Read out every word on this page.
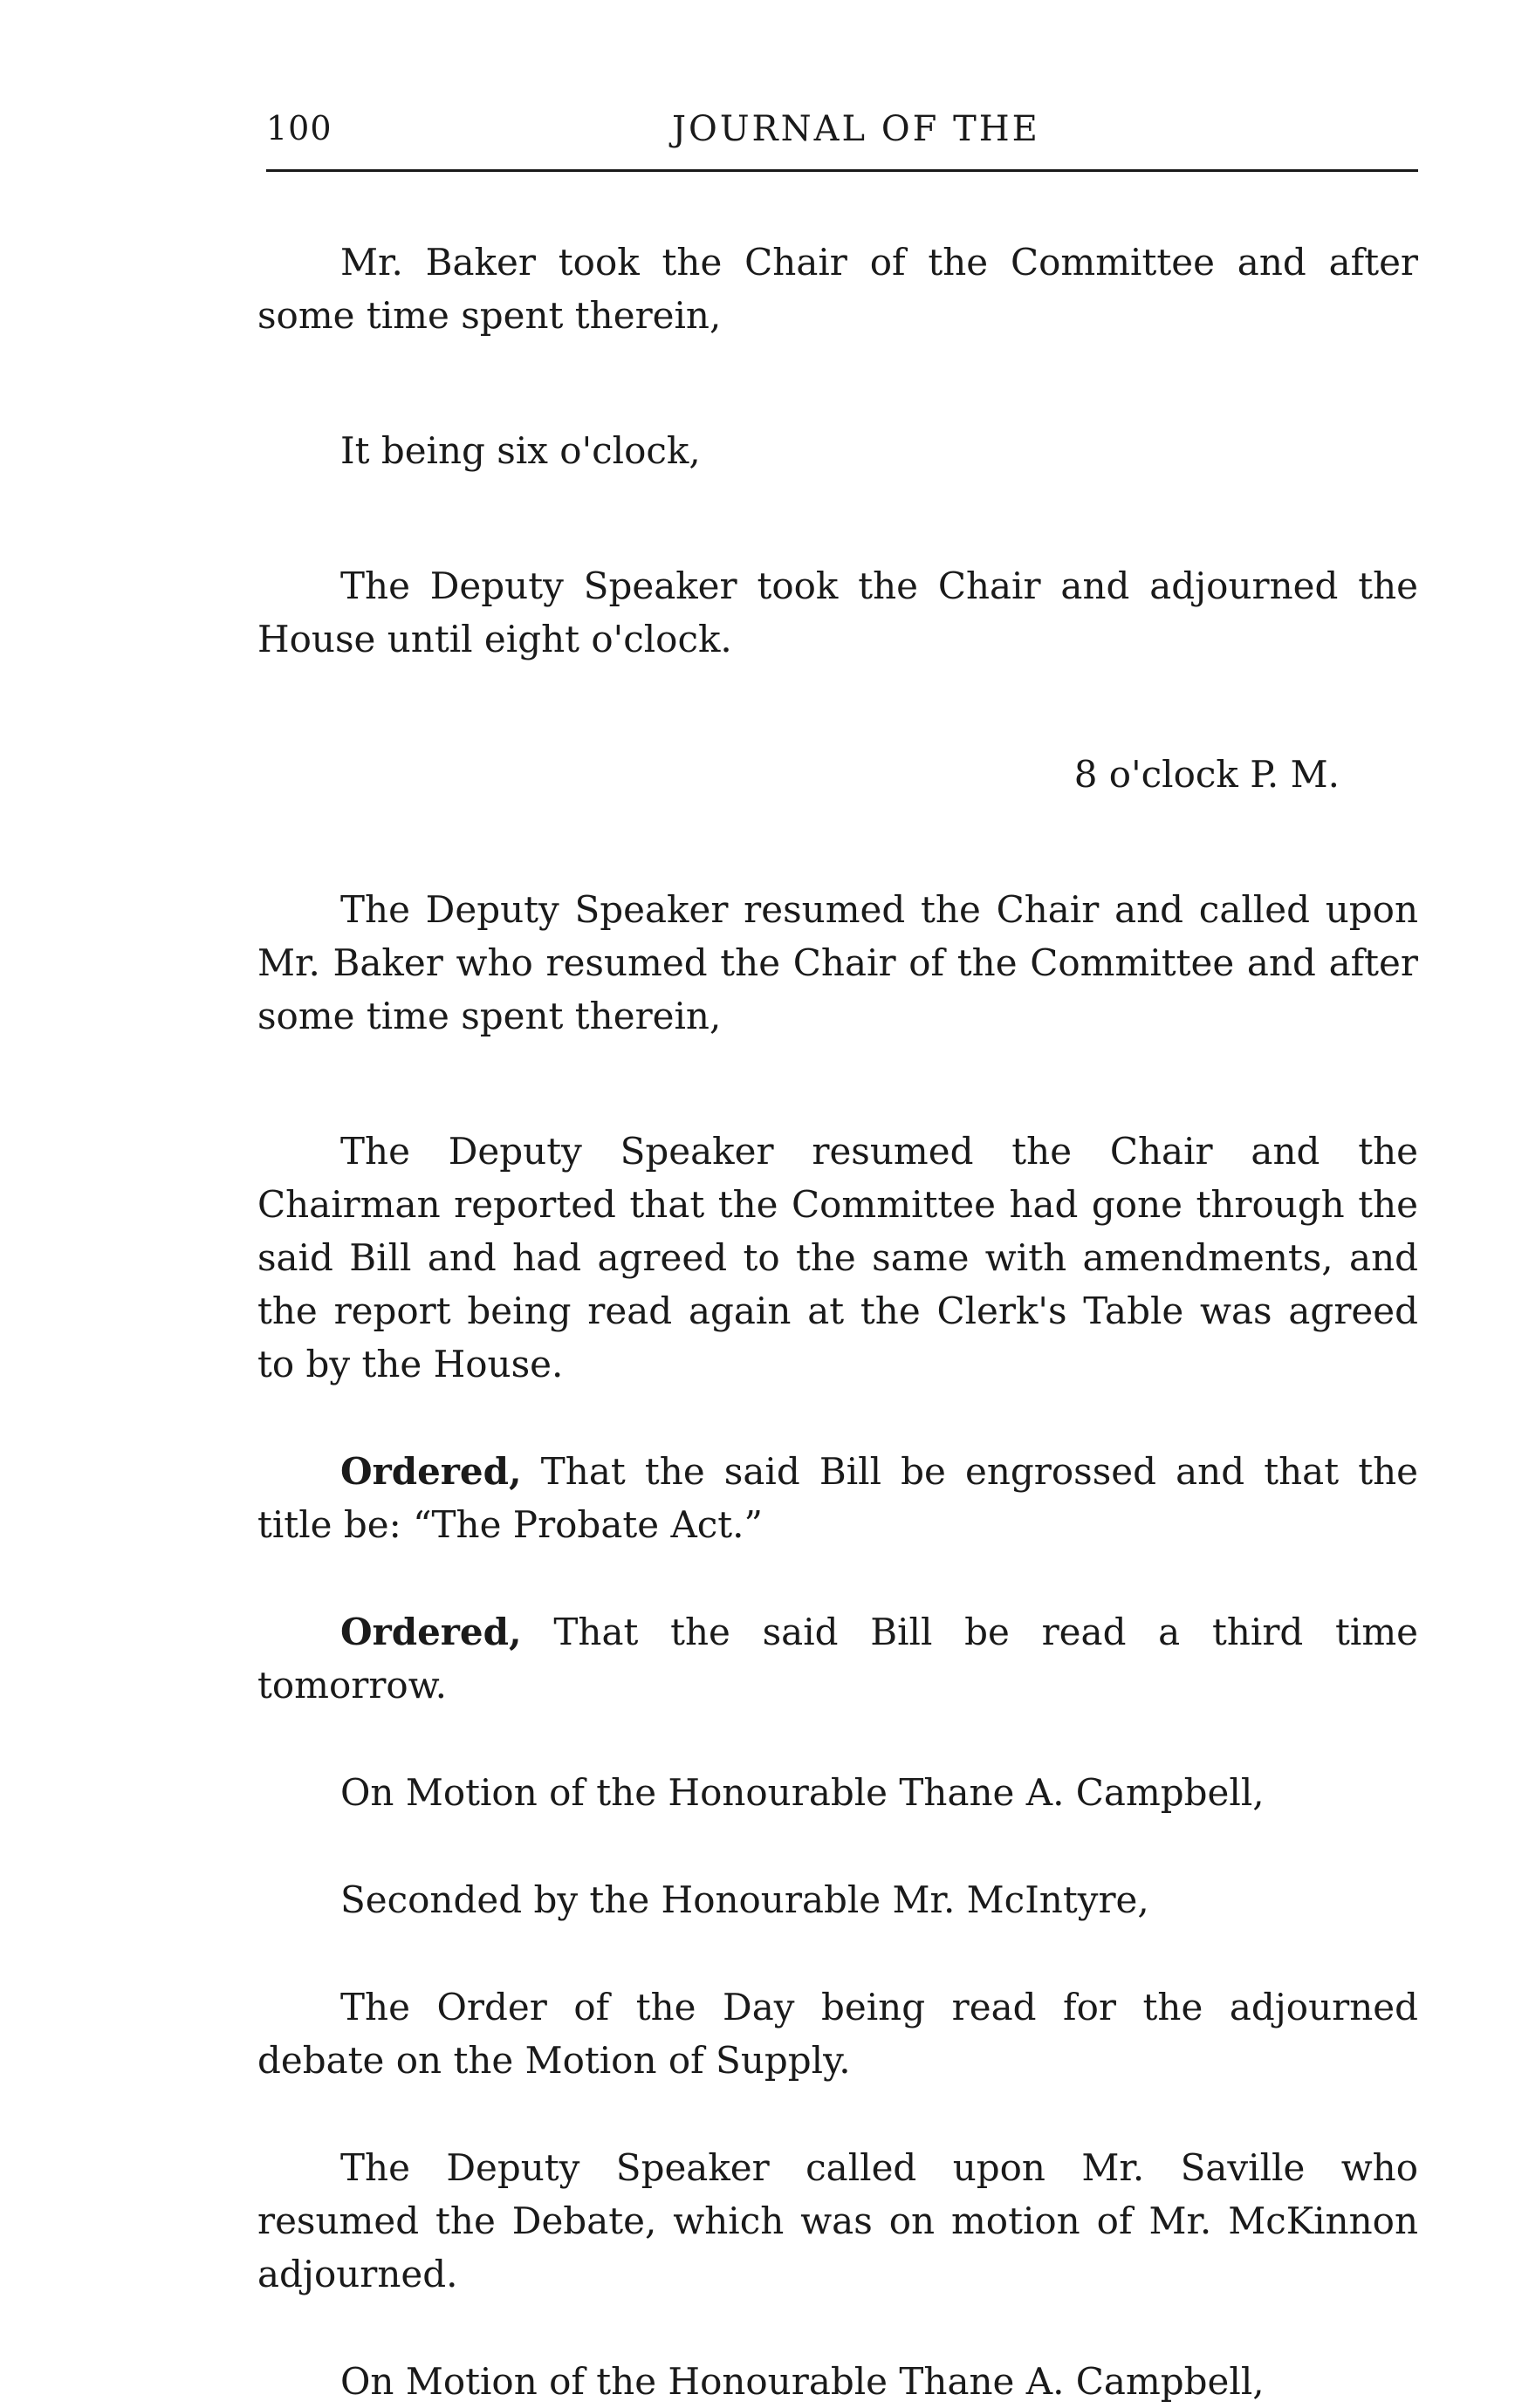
100	JOURNAL OF THE

Mr. Baker took the Chair of the Committee and after some time spent therein,

It being six o'clock,

The Deputy Speaker took the Chair and adjourned the House until eight o'clock.

8 o'clock P. M.

The Deputy Speaker resumed the Chair and called upon Mr. Baker who resumed the Chair of the Committee and after some time spent therein,

The Deputy Speaker resumed the Chair and the Chairman reported that the Committee had gone through the said Bill and had agreed to the same with amendments, and the report being read again at the Clerk's Table was agreed to by the House.

Ordered, That the said Bill be engrossed and that the title be: “The Probate Act.”

Ordered, That the said Bill be read a third time tomorrow.

On Motion of the Honourable Thane A. Campbell,

Seconded by the Honourable Mr. McIntyre,

The Order of the Day being read for the adjourned debate on the Motion of Supply.

The Deputy Speaker called upon Mr. Saville who resumed the Debate, which was on motion of Mr. McKinnon adjourned.

On Motion of the Honourable Thane A. Campbell,
